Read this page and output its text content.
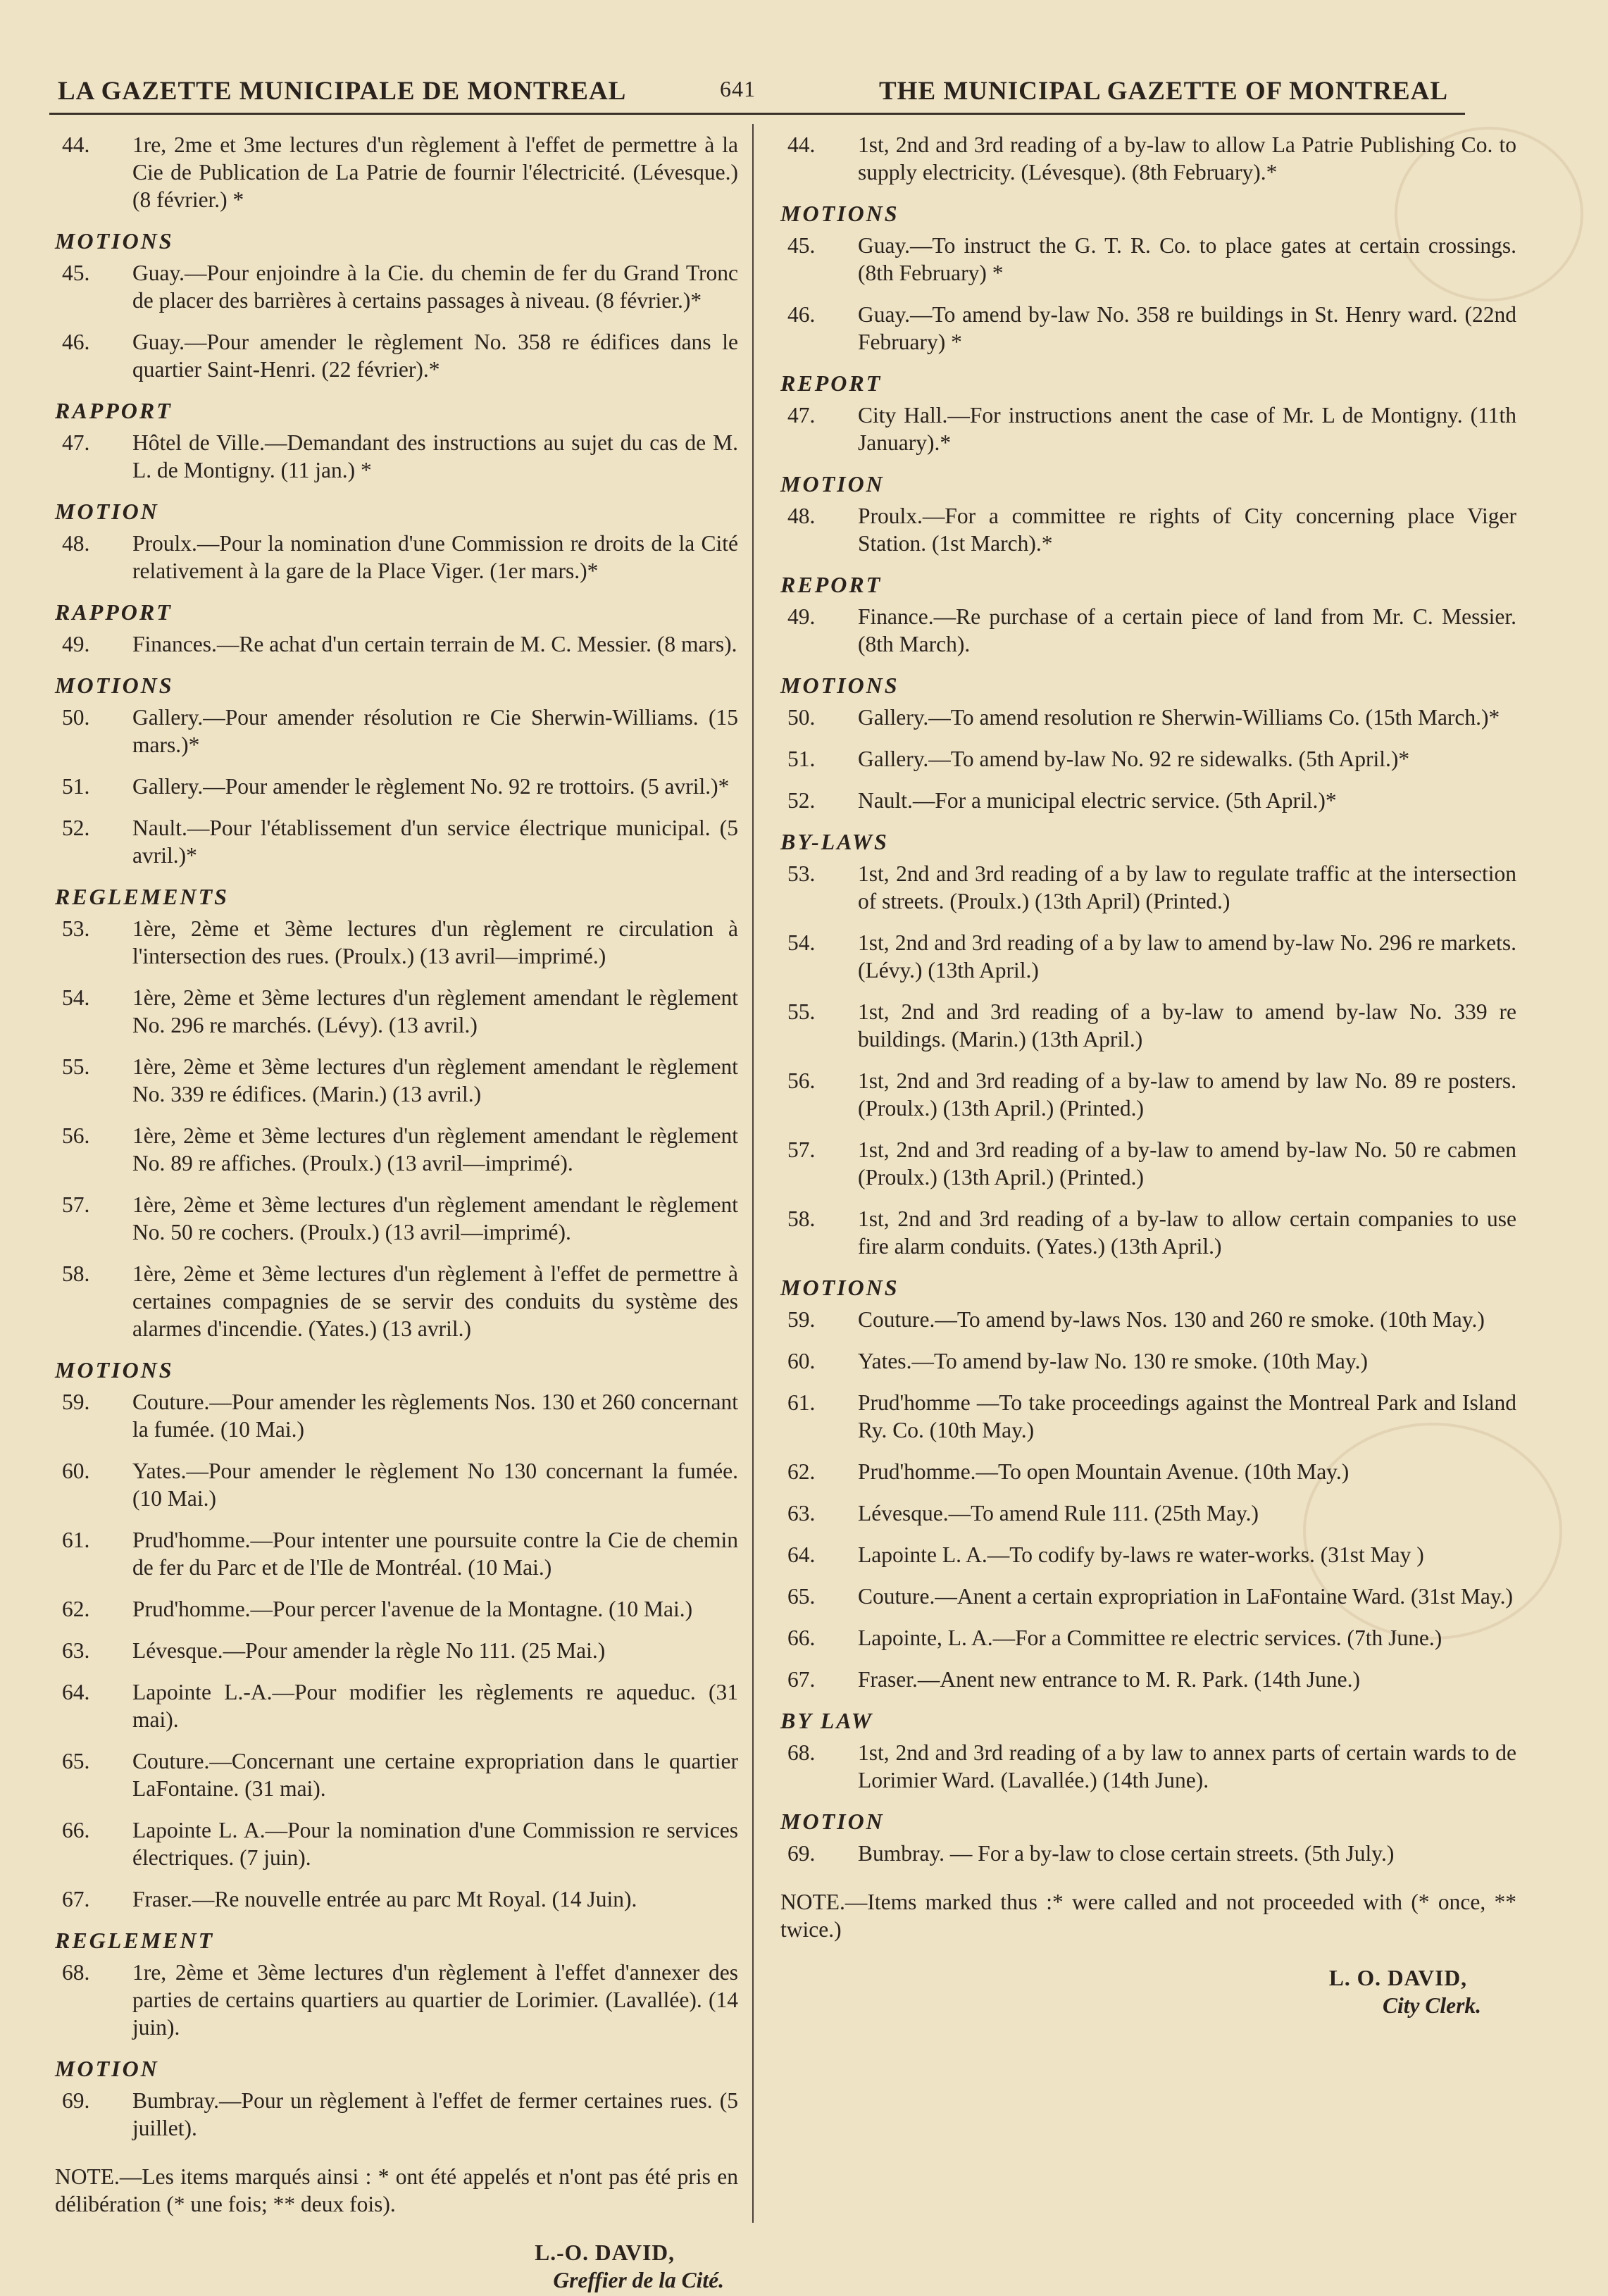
LA GAZETTE MUNICIPALE DE MONTREAL	641	THE MUNICIPAL GAZETTE OF MONTREAL
44. 1re, 2me et 3me lectures d'un règlement à l'effet de permettre à la Cie de Publication de La Patrie de fournir l'électricité. (Lévesque.) (8 février.) *
MOTIONS
45. Guay.—Pour enjoindre à la Cie. du chemin de fer du Grand Tronc de placer des barrières à certains passages à niveau. (8 février.)*
46. Guay.—Pour amender le règlement No. 358 re édifices dans le quartier Saint-Henri. (22 février).*
RAPPORT
47. Hôtel de Ville.—Demandant des instructions au sujet du cas de M. L. de Montigny. (11 jan.) *
MOTION
48. Proulx.—Pour la nomination d'une Commission re droits de la Cité relativement à la gare de la Place Viger. (1er mars.)*
RAPPORT
49. Finances.—Re achat d'un certain terrain de M. C. Messier. (8 mars).
MOTIONS
50. Gallery.—Pour amender résolution re Cie Sherwin-Williams. (15 mars.)*
51. Gallery.—Pour amender le règlement No. 92 re trottoirs. (5 avril.)*
52. Nault.—Pour l'établissement d'un service électrique municipal. (5 avril.)*
REGLEMENTS
53. 1ère, 2ème et 3ème lectures d'un règlement re circulation à l'intersection des rues. (Proulx.) (13 avril—imprimé.)
54. 1ère, 2ème et 3ème lectures d'un règlement amendant le règlement No. 296 re marchés. (Lévy). (13 avril.)
55. 1ère, 2ème et 3ème lectures d'un règlement amendant le règlement No. 339 re édifices. (Marin.) (13 avril.)
56. 1ère, 2ème et 3ème lectures d'un règlement amendant le règlement No. 89 re affiches. (Proulx.) (13 avril—imprimé).
57. 1ère, 2ème et 3ème lectures d'un règlement amendant le règlement No. 50 re cochers. (Proulx.) (13 avril—imprimé).
58. 1ère, 2ème et 3ème lectures d'un règlement à l'effet de permettre à certaines compagnies de se servir des conduits du système des alarmes d'incendie. (Yates.) (13 avril.)
MOTIONS
59. Couture.—Pour amender les règlements Nos. 130 et 260 concernant la fumée. (10 Mai.)
60. Yates.—Pour amender le règlement No 130 concernant la fumée. (10 Mai.)
61. Prud'homme.—Pour intenter une poursuite contre la Cie de chemin de fer du Parc et de l'Ile de Montréal. (10 Mai.)
62. Prud'homme.—Pour percer l'avenue de la Montagne. (10 Mai.)
63. Lévesque.—Pour amender la règle No 111. (25 Mai.)
64. Lapointe L.-A.—Pour modifier les règlements re aqueduc. (31 mai).
65. Couture.—Concernant une certaine expropriation dans le quartier LaFontaine. (31 mai).
66. Lapointe L. A.—Pour la nomination d'une Commission re services électriques. (7 juin).
67. Fraser.—Re nouvelle entrée au parc Mt Royal. (14 Juin).
REGLEMENT
68. 1re, 2ème et 3ème lectures d'un règlement à l'effet d'annexer des parties de certains quartiers au quartier de Lorimier. (Lavallée). (14 juin).
MOTION
69. Bumbray.—Pour un règlement à l'effet de fermer certaines rues. (5 juillet).
NOTE.—Les items marqués ainsi : * ont été appelés et n'ont pas été pris en délibération (* une fois; ** deux fois).
L.-O. DAVID,
Greffier de la Cité.
44. 1st, 2nd and 3rd reading of a by-law to allow La Patrie Publishing Co. to supply electricity. (Lévesque). (8th February).*
MOTIONS
45. Guay.—To instruct the G. T. R. Co. to place gates at certain crossings. (8th February) *
46. Guay.—To amend by-law No. 358 re buildings in St. Henry ward. (22nd February) *
REPORT
47. City Hall.—For instructions anent the case of Mr. L de Montigny. (11th January).*
MOTION
48. Proulx.—For a committee re rights of City concerning place Viger Station. (1st March).*
REPORT
49. Finance.—Re purchase of a certain piece of land from Mr. C. Messier. (8th March).
MOTIONS
50. Gallery.—To amend resolution re Sherwin-Williams Co. (15th March.)*
51. Gallery.—To amend by-law No. 92 re sidewalks. (5th April.)*
52. Nault.—For a municipal electric service. (5th April.)*
BY-LAWS
53. 1st, 2nd and 3rd reading of a by law to regulate traffic at the intersection of streets. (Proulx.) (13th April) (Printed.)
54. 1st, 2nd and 3rd reading of a by law to amend by-law No. 296 re markets. (Lévy.) (13th April.)
55. 1st, 2nd and 3rd reading of a by-law to amend by-law No. 339 re buildings. (Marin.) (13th April.)
56. 1st, 2nd and 3rd reading of a by-law to amend by law No. 89 re posters. (Proulx.) (13th April.) (Printed.)
57. 1st, 2nd and 3rd reading of a by-law to amend by-law No. 50 re cabmen (Proulx.) (13th April.) (Printed.)
58. 1st, 2nd and 3rd reading of a by-law to allow certain companies to use fire alarm conduits. (Yates.) (13th April.)
MOTIONS
59. Couture.—To amend by-laws Nos. 130 and 260 re smoke. (10th May.)
60. Yates.—To amend by-law No. 130 re smoke. (10th May.)
61. Prud'homme —To take proceedings against the Montreal Park and Island Ry. Co. (10th May.)
62. Prud'homme.—To open Mountain Avenue. (10th May.)
63. Lévesque.—To amend Rule 111. (25th May.)
64. Lapointe L. A.—To codify by-laws re water-works. (31st May )
65. Couture.—Anent a certain expropriation in LaFontaine Ward. (31st May.)
66. Lapointe, L. A.—For a Committee re electric services. (7th June.)
67. Fraser.—Anent new entrance to M. R. Park. (14th June.)
BY LAW
68. 1st, 2nd and 3rd reading of a by law to annex parts of certain wards to de Lorimier Ward. (Lavallée.) (14th June).
MOTION
69. Bumbray. — For a by-law to close certain streets. (5th July.)
NOTE.—Items marked thus :* were called and not proceeded with (* once, ** twice.)
L. O. DAVID,
City Clerk.
